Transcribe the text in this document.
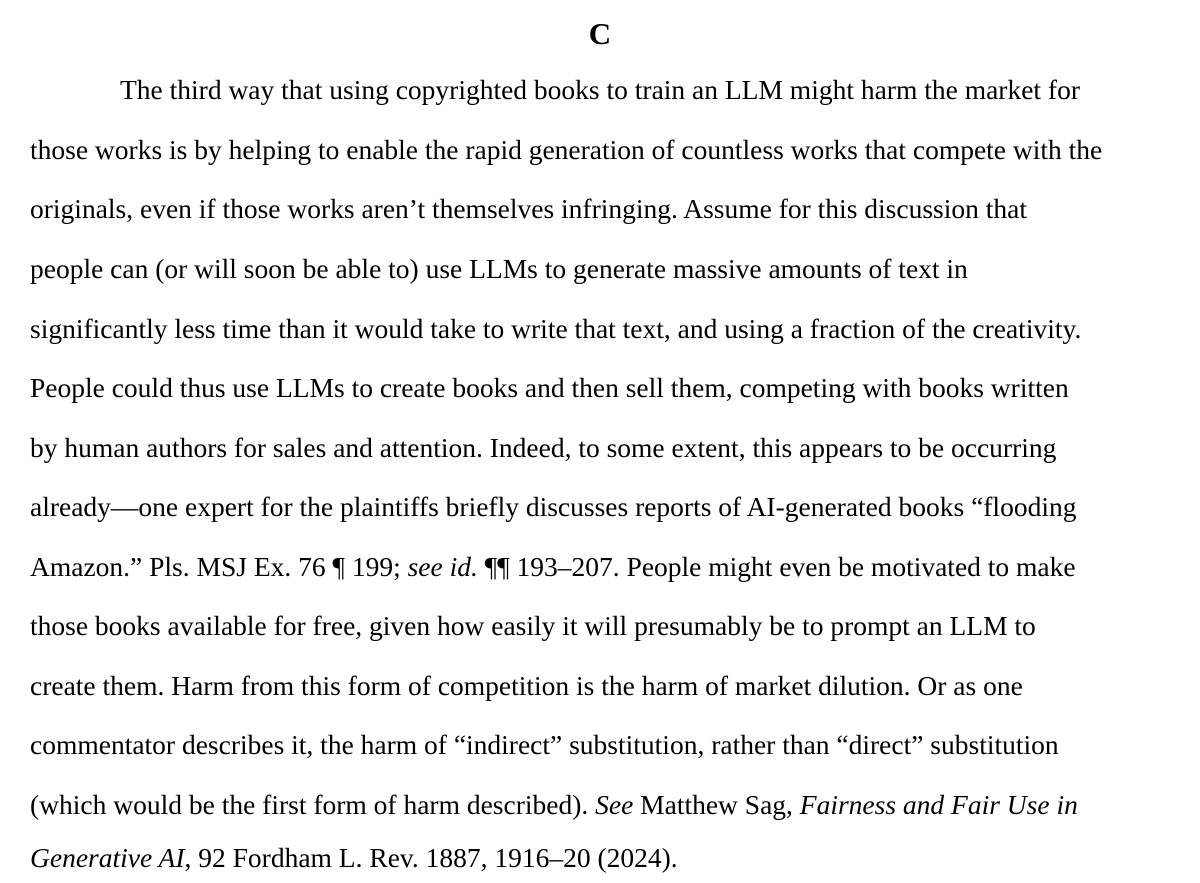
C
The third way that using copyrighted books to train an LLM might harm the market for
those works is by helping to enable the rapid generation of countless works that compete with the
originals, even if those works aren’t themselves infringing. Assume for this discussion that
people can (or will soon be able to) use LLMs to generate massive amounts of text in
significantly less time than it would take to write that text, and using a fraction of the creativity.
People could thus use LLMs to create books and then sell them, competing with books written
by human authors for sales and attention. Indeed, to some extent, this appears to be occurring
already—one expert for the plaintiffs briefly discusses reports of AI-generated books “flooding
Amazon.” Pls. MSJ Ex. 76 ¶ 199; see id. ¶¶ 193–207. People might even be motivated to make
those books available for free, given how easily it will presumably be to prompt an LLM to
create them. Harm from this form of competition is the harm of market dilution. Or as one
commentator describes it, the harm of “indirect” substitution, rather than “direct” substitution
(which would be the first form of harm described). See Matthew Sag, Fairness and Fair Use in
Generative AI, 92 Fordham L. Rev. 1887, 1916–20 (2024).
